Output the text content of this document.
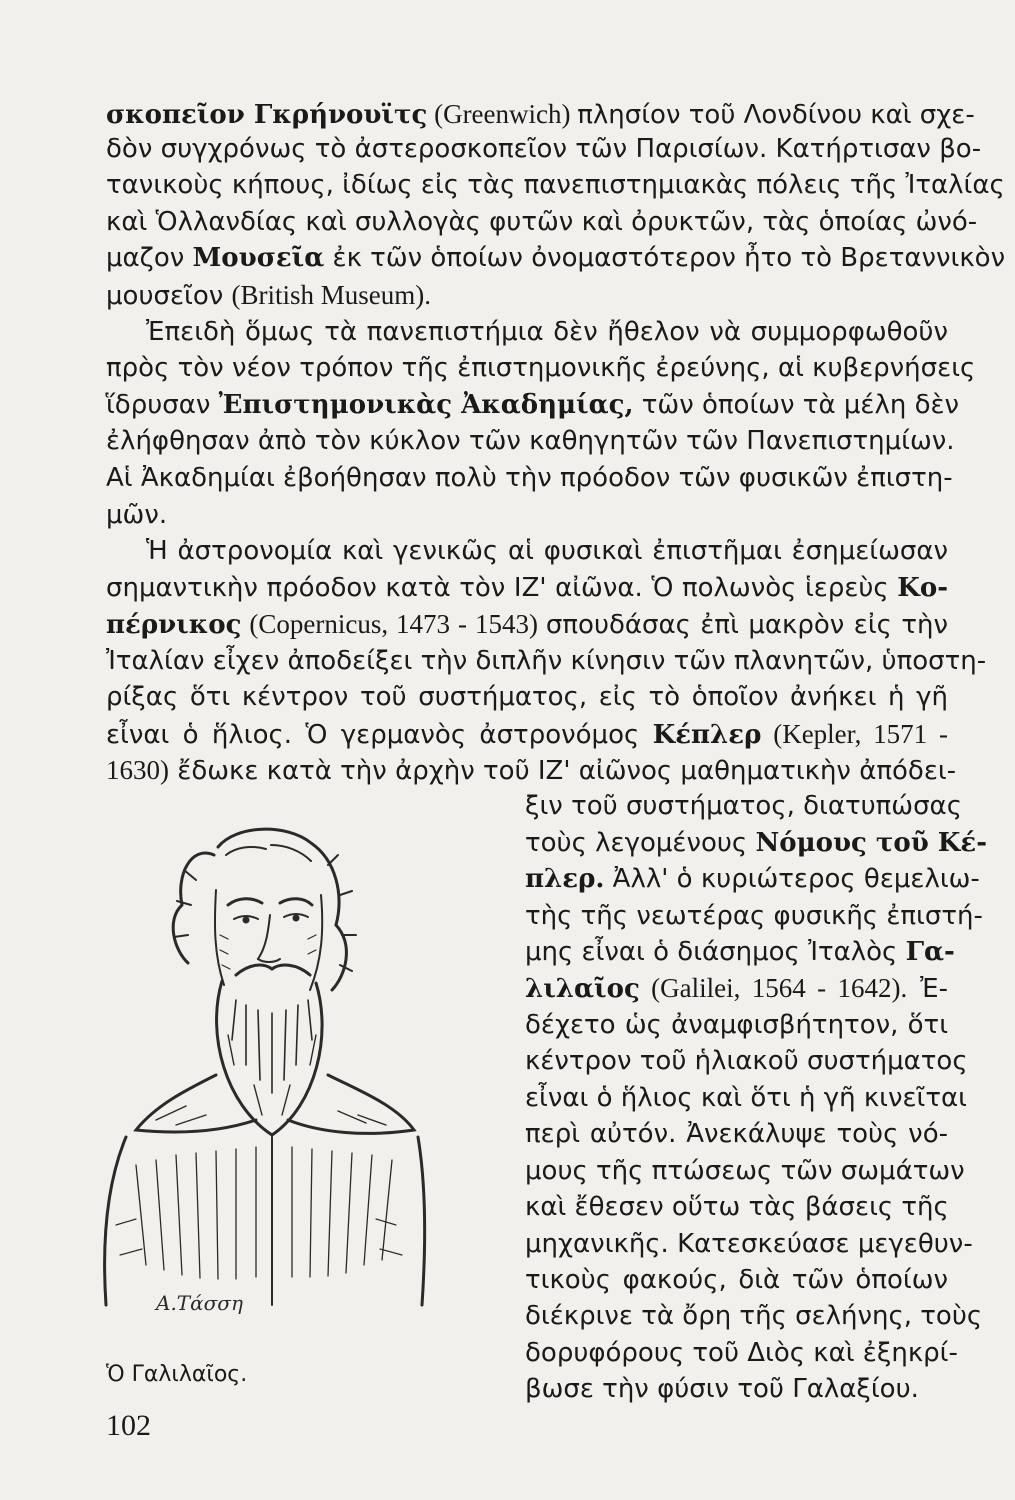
σκοπεῖον Γκρήνουϊτς (Greenwich) πλησίον τοῦ Λονδίνου καὶ σχε-
δὸν συγχρόνως τὸ ἀστεροσκοπεῖον τῶν Παρισίων. Κατήρτισαν βο-
τανικοὺς κήπους, ἰδίως εἰς τὰς πανεπιστημιακὰς πόλεις τῆς Ἰταλίας
καὶ Ὁλλανδίας καὶ συλλογὰς φυτῶν καὶ ὀρυκτῶν, τὰς ὁποίας ὠνό-
μαζον Μουσεῖα ἐκ τῶν ὁποίων ὀνομαστότερον ἦτο τὸ Βρεταννικὸν
μουσεῖον (British Museum).
Ἐπειδὴ ὅμως τὰ πανεπιστήμια δὲν ἤθελον νὰ συμμορφωθοῦν
πρὸς τὸν νέον τρόπον τῆς ἐπιστημονικῆς ἐρεύνης, αἱ κυβερνήσεις
ἵδρυσαν Ἐπιστημονικὰς Ἀκαδημίας, τῶν ὁποίων τὰ μέλη δὲν
ἐλήφθησαν ἀπὸ τὸν κύκλον τῶν καθηγητῶν τῶν Πανεπιστημίων.
Αἱ Ἀκαδημίαι ἐβοήθησαν πολὺ τὴν πρόοδον τῶν φυσικῶν ἐπιστη-
μῶν.
Ἡ ἀστρονομία καὶ γενικῶς αἱ φυσικαὶ ἐπιστῆμαι ἐσημείωσαν
σημαντικὴν πρόοδον κατὰ τὸν ΙΖ' αἰῶνα. Ὁ πολωνὸς ἱερεὺς Κο-
πέρνικος (Copernicus, 1473 - 1543) σπουδάσας ἐπὶ μακρὸν εἰς τὴν
Ἰταλίαν εἶχεν ἀποδείξει τὴν διπλῆν κίνησιν τῶν πλανητῶν, ὑποστη-
ρίξας ὅτι κέντρον τοῦ συστήματος, εἰς τὸ ὁποῖον ἀνήκει ἡ γῆ
εἶναι ὁ ἥλιος. Ὁ γερμανὸς ἀστρονόμος Κέπλερ (Kepler, 1571 -
1630) ἔδωκε κατὰ τὴν ἀρχὴν τοῦ ΙΖ' αἰῶνος μαθηματικὴν ἀπόδει-
ξιν τοῦ συστήματος, διατυπώσας
τοὺς λεγομένους Νόμους τοῦ Κέ-
πλερ. Ἀλλ' ὁ κυριώτερος θεμελιω-
τὴς τῆς νεωτέρας φυσικῆς ἐπιστή-
μης εἶναι ὁ διάσημος Ἰταλὸς Γα-
λιλαῖος (Galilei, 1564 - 1642). Ἐ-
δέχετο ὡς ἀναμφισβήτητον, ὅτι
κέντρον τοῦ ἡλιακοῦ συστήματος
εἶναι ὁ ἥλιος καὶ ὅτι ἡ γῆ κινεῖται
περὶ αὐτόν. Ἀνεκάλυψε τοὺς νό-
μους τῆς πτώσεως τῶν σωμάτων
καὶ ἔθεσεν οὕτω τὰς βάσεις τῆς
μηχανικῆς. Κατεσκεύασε μεγεθυν-
τικοὺς φακούς, διὰ τῶν ὁποίων
διέκρινε τὰ ὄρη τῆς σελήνης, τοὺς
δορυφόρους τοῦ Διὸς καὶ ἐξηκρί-
βωσε τὴν φύσιν τοῦ Γαλαξίου.
A.Τάσση
Ὁ Γαλιλαῖος.
102
